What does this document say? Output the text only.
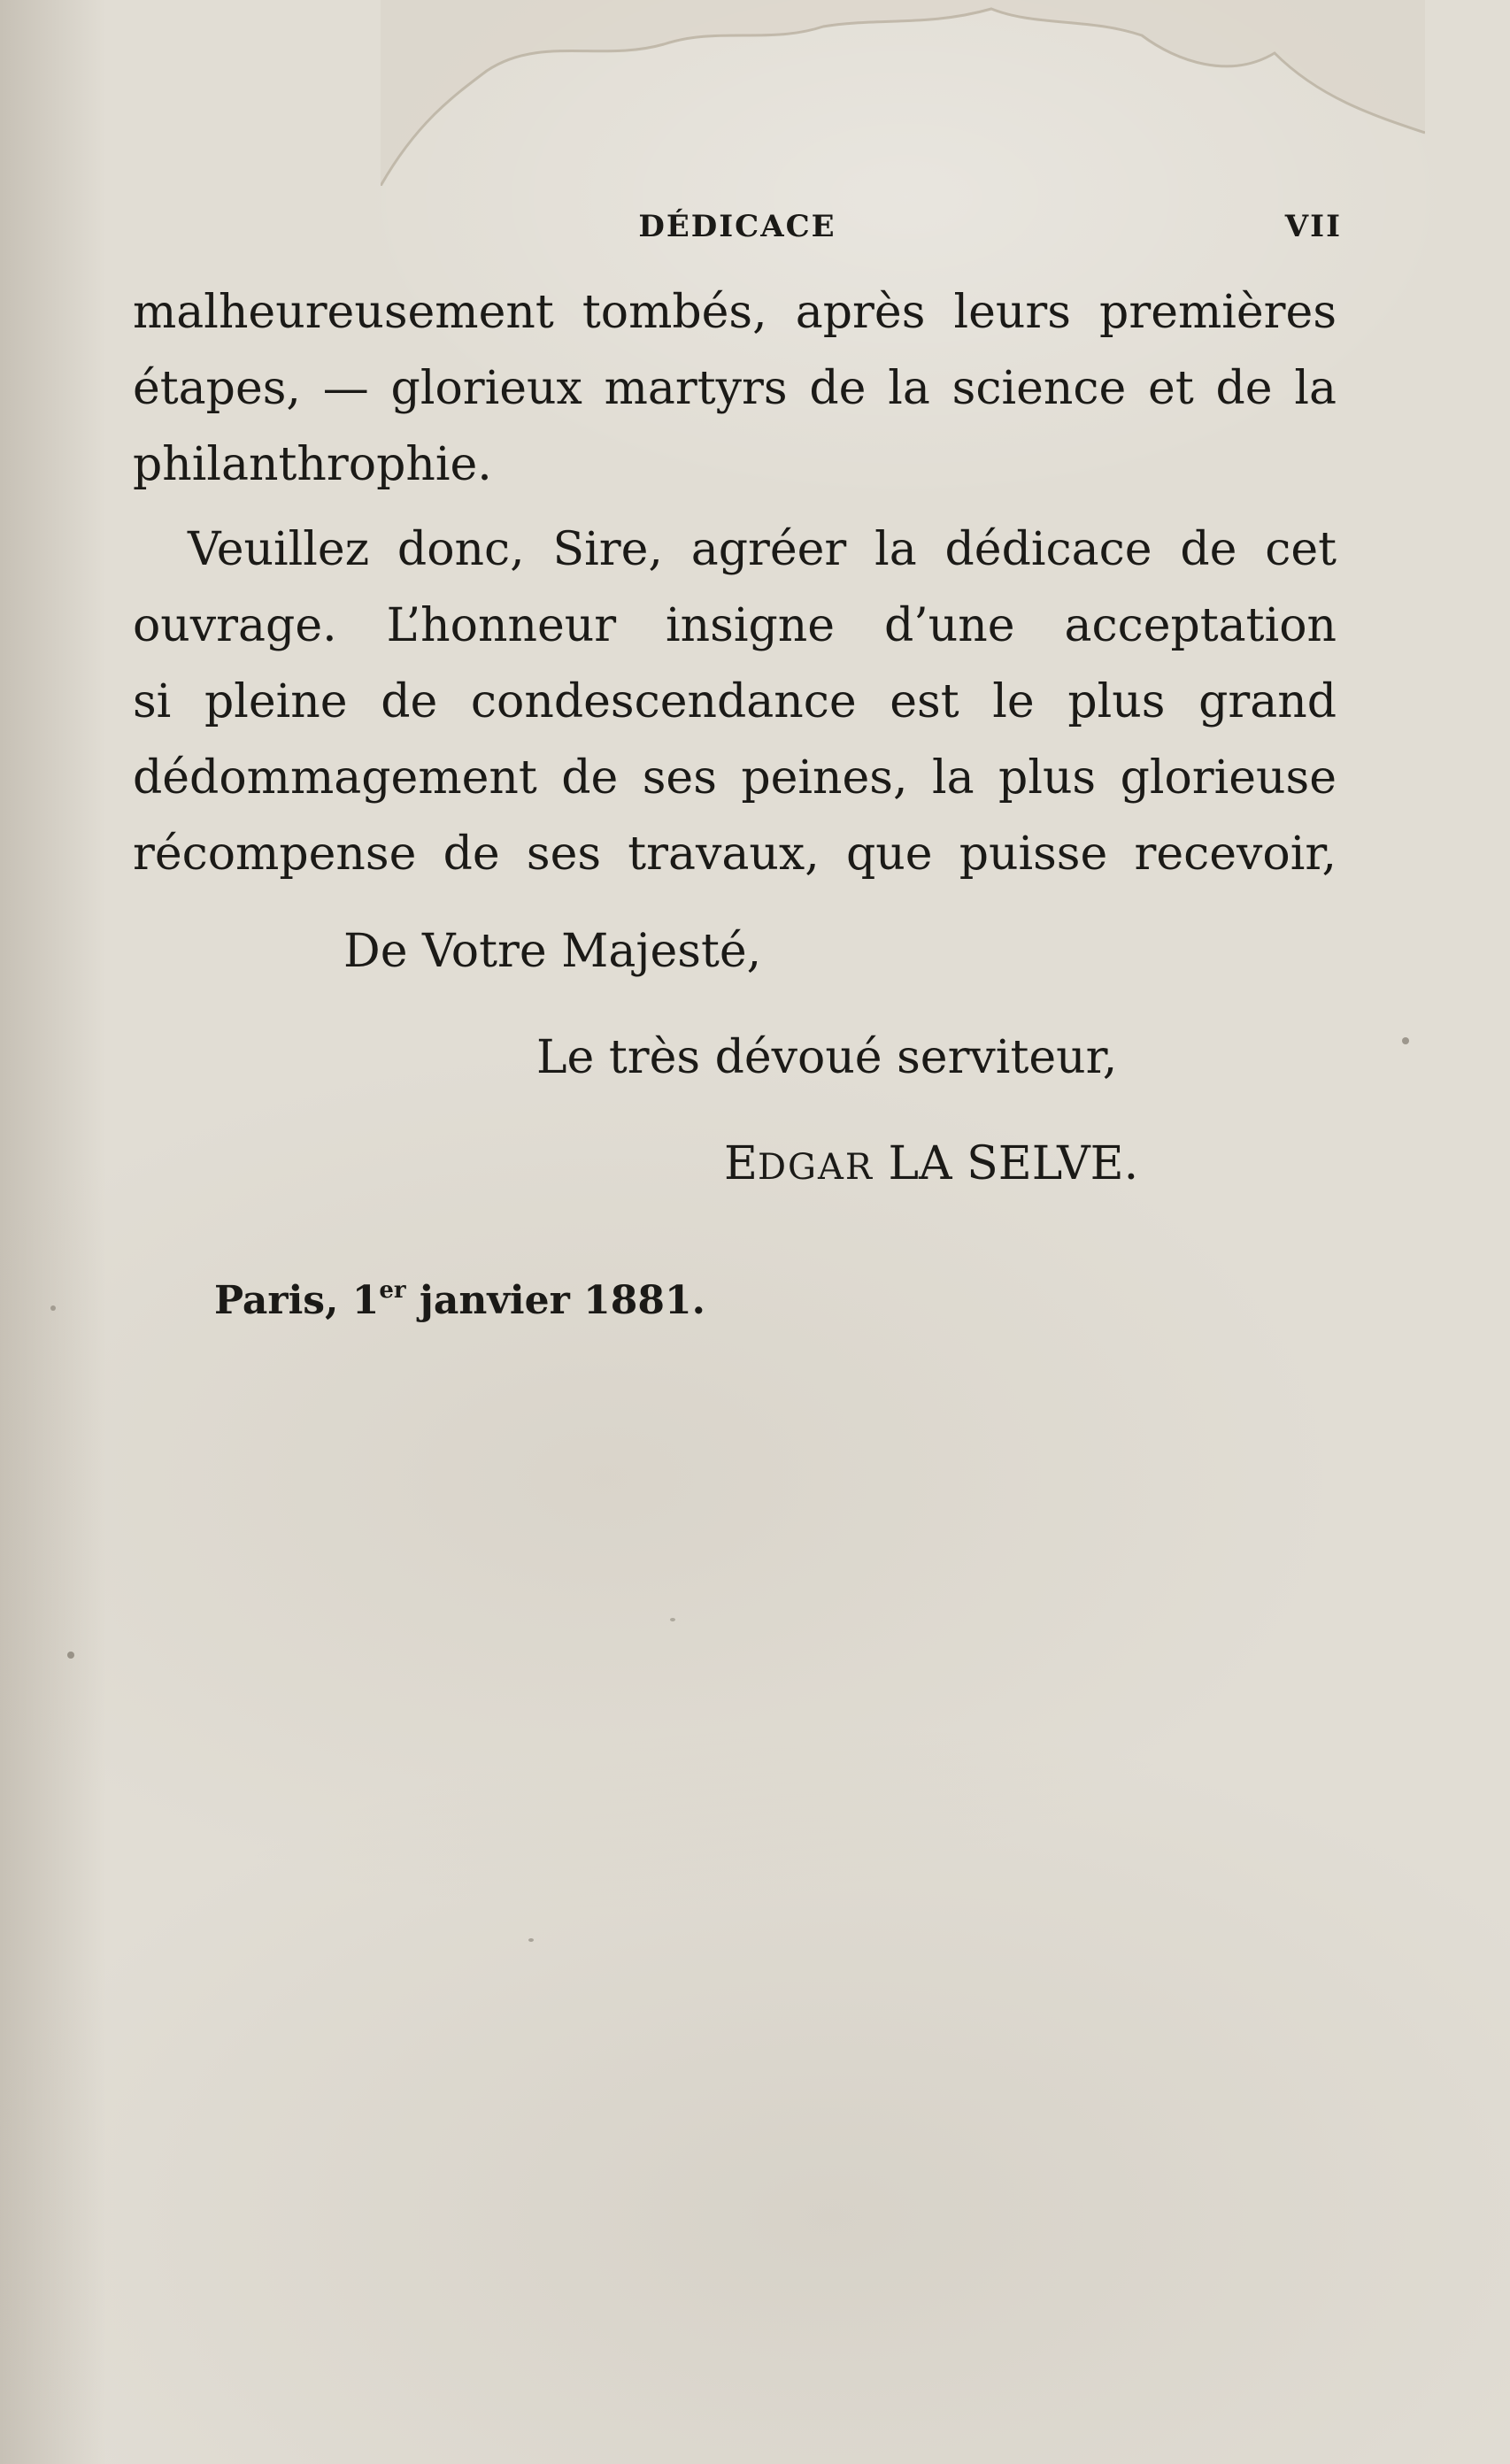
DÉDICACE	VII
malheureusement tombés, après leurs premières
étapes, — glorieux martyrs de la science et de la
philanthrophie.
Veuillez donc, Sire, agréer la dédicace de cet
ouvrage. L’honneur insigne d’une acceptation
si pleine de condescendance est le plus grand
dédommagement de ses peines, la plus glorieuse
récompense de ses travaux, que puisse recevoir,
De Votre Majesté,
Le très dévoué serviteur,
EDGAR LA SELVE.
Paris, 1er janvier 1881.
